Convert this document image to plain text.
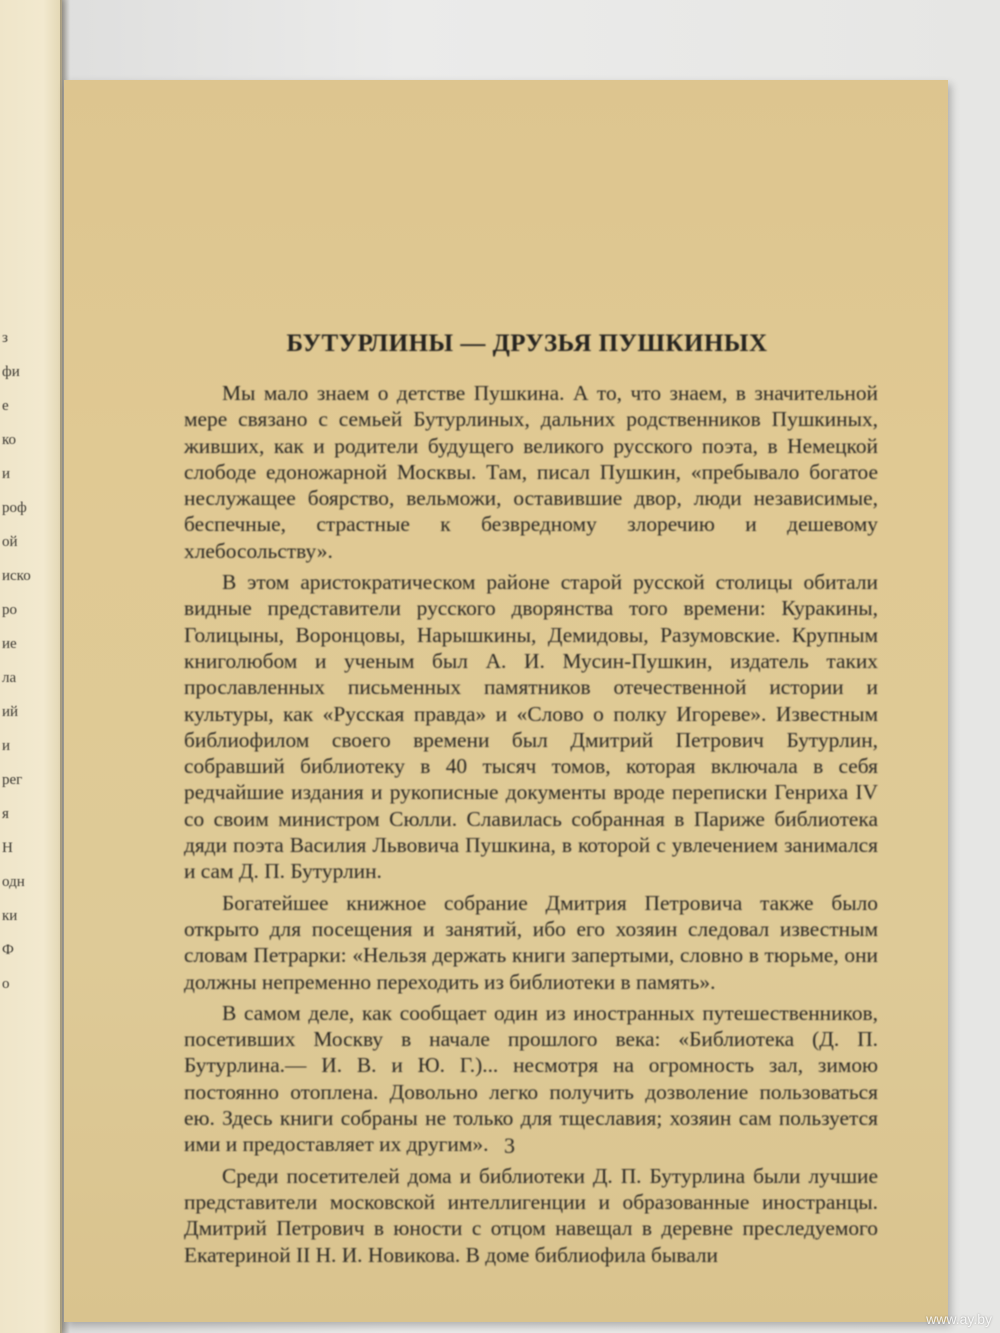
з
фи
е
ко
и
роф
ой
иско
ро
ие
ла
ий
и
рег
я
Н
одн
ки
Ф
о
БУТУРЛИНЫ — ДРУЗЬЯ ПУШКИНЫХ

Мы мало знаем о детстве Пушкина. А то, что знаем, в значительной мере связано с семьей Бутурлиных, дальних родственников Пушкиных, живших, как и родители будущего великого русского поэта, в Немецкой слободе едоножарной Москвы. Там, писал Пушкин, «пребывало богатое неслужащее боярство, вельможи, оставившие двор, люди независимые, беспечные, страстные к безвредному злоречию и дешевому хлебосольству».

В этом аристократическом районе старой русской столицы обитали видные представители русского дворянства того времени: Куракины, Голицыны, Воронцовы, Нарышкины, Демидовы, Разумовские. Крупным книголюбом и ученым был А. И. Мусин-Пушкин, издатель таких прославленных письменных памятников отечественной истории и культуры, как «Русская правда» и «Слово о полку Игореве». Известным библиофилом своего времени был Дмитрий Петрович Бутурлин, собравший библиотеку в 40 тысяч томов, которая включала в себя редчайшие издания и рукописные документы вроде переписки Генриха IV со своим министром Сюлли. Славилась собранная в Париже библиотека дяди поэта Василия Львовича Пушкина, в которой с увлечением занимался и сам Д. П. Бутурлин.

Богатейшее книжное собрание Дмитрия Петровича также было открыто для посещения и занятий, ибо его хозяин следовал известным словам Петрарки: «Нельзя держать книги запертыми, словно в тюрьме, они должны непременно переходить из библиотеки в память».

В самом деле, как сообщает один из иностранных путешественников, посетивших Москву в начале прошлого века: «Библиотека (Д. П. Бутурлина.— И. В. и Ю. Г.)... несмотря на огромность зал, зимою постоянно отоплена. Довольно легко получить дозволение пользоваться ею. Здесь книги собраны не только для тщеславия; хозяин сам пользуется ими и предоставляет их другим».

Среди посетителей дома и библиотеки Д. П. Бутурлина были лучшие представители московской интеллигенции и образованные иностранцы. Дмитрий Петрович в юности с отцом навещал в деревне преследуемого Екатериной II Н. И. Новикова. В доме библиофила бывали

3
www.ay.by
